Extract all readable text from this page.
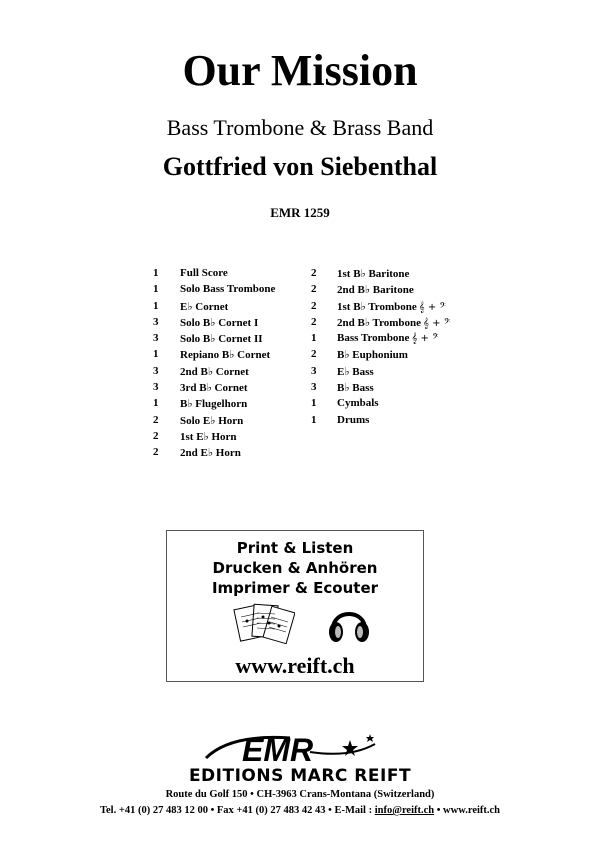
Our Mission
Bass Trombone & Brass Band
Gottfried von Siebenthal
EMR 1259
1 Full Score
1 Solo Bass Trombone
1 E♭ Cornet
3 Solo B♭ Cornet I
3 Solo B♭ Cornet II
1 Repiano B♭ Cornet
3 2nd B♭ Cornet
3 3rd B♭ Cornet
1 B♭ Flugelhorn
2 Solo E♭ Horn
2 1st E♭ Horn
2 2nd E♭ Horn
2 1st B♭ Baritone
2 2nd B♭ Baritone
2 1st B♭ Trombone 𝄞 + 𝄢
2 2nd B♭ Trombone 𝄞 + 𝄢
1 Bass Trombone 𝄞 + 𝄢
2 B♭ Euphonium
3 E♭ Bass
3 B♭ Bass
1 Cymbals
1 Drums
Print & Listen
Drucken & Anhören
Imprimer & Ecouter
www.reift.ch
EMR
EDITIONS MARC REIFT
Route du Golf 150 • CH-3963 Crans-Montana (Switzerland)
Tel. +41 (0) 27 483 12 00 • Fax +41 (0) 27 483 42 43 • E-Mail : info@reift.ch • www.reift.ch
